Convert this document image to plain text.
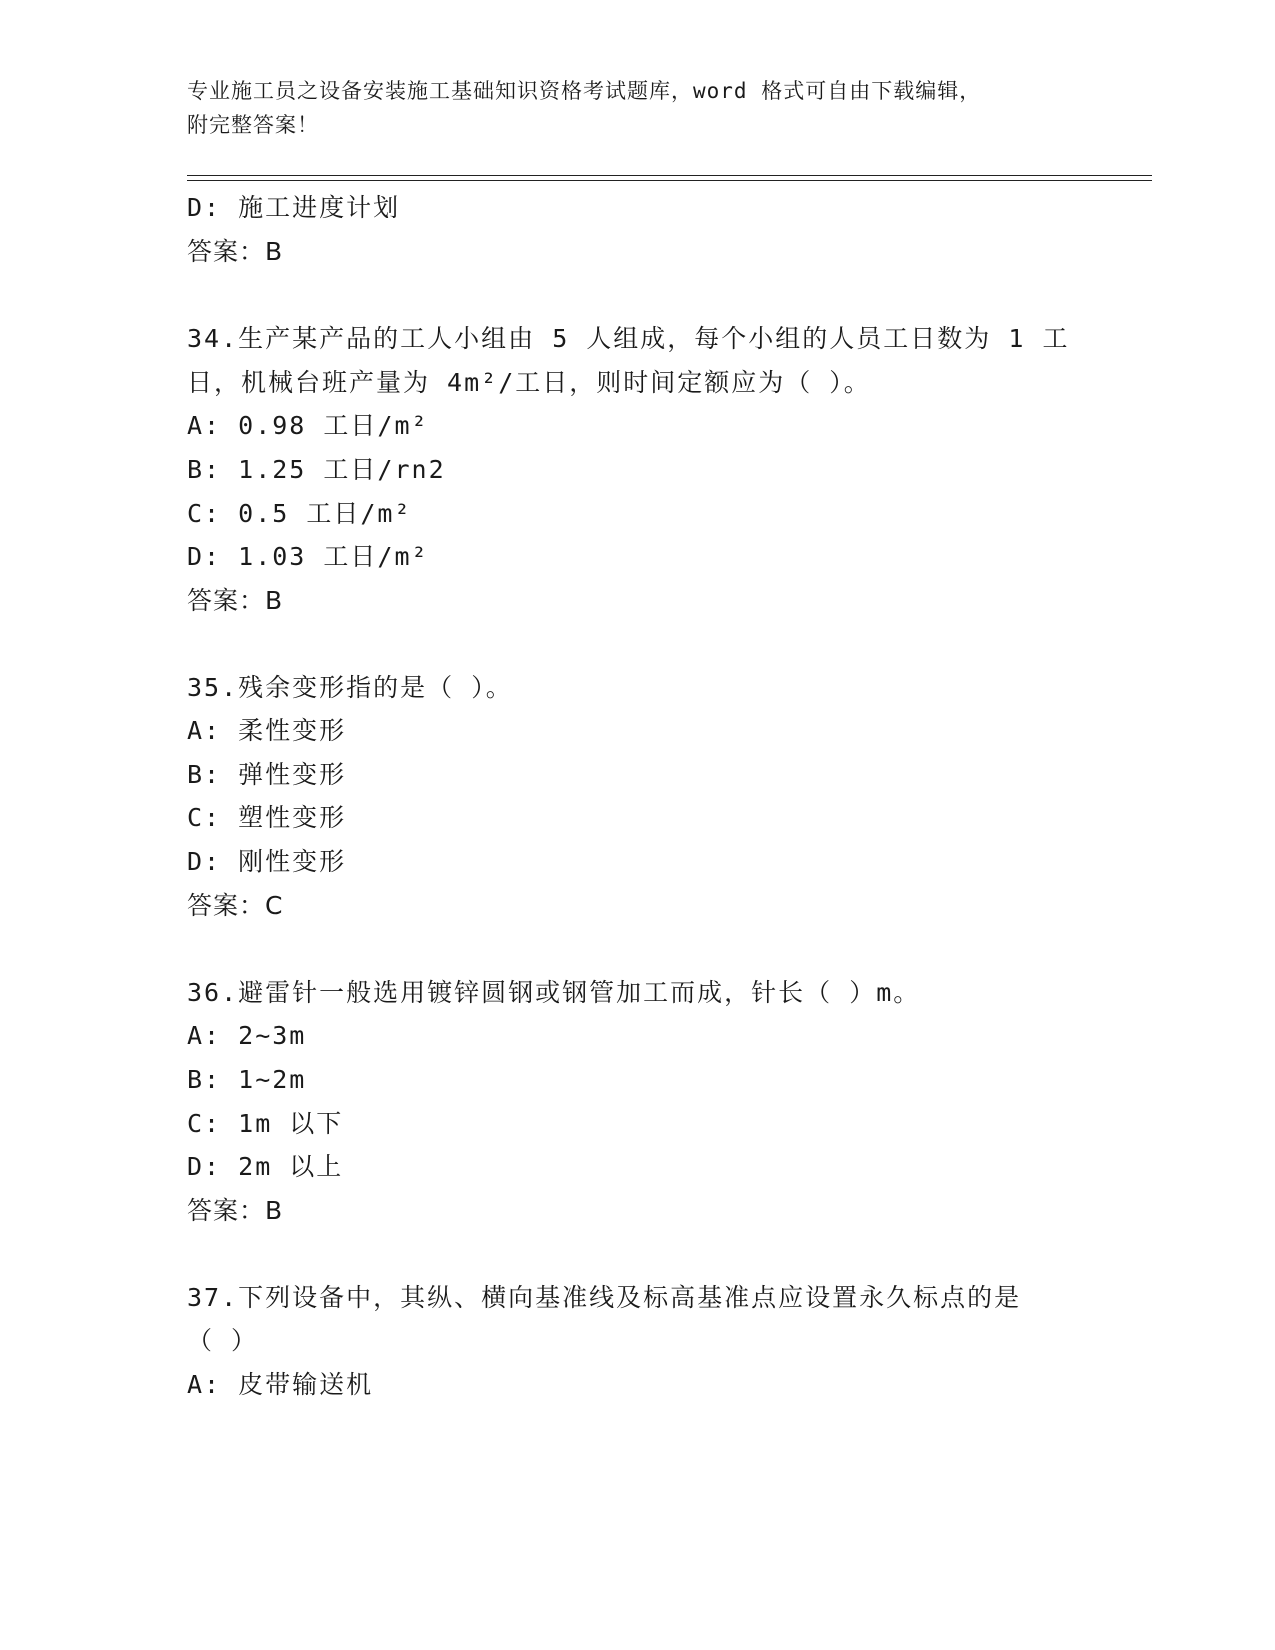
专业施工员之设备安装施工基础知识资格考试题库，word 格式可自由下载编辑，
附完整答案！
D: 施工进度计划
答案：B
34.生产某产品的工人小组由 5 人组成，每个小组的人员工日数为 1 工
日，机械台班产量为 4m²/工日，则时间定额应为（ ）。
A: 0.98 工日/m²
B: 1.25 工日/rn2
C: 0.5 工日/m²
D: 1.03 工日/m²
答案：B
35.残余变形指的是（ ）。
A: 柔性变形
B: 弹性变形
C: 塑性变形
D: 刚性变形
答案：C
36.避雷针一般选用镀锌圆钢或钢管加工而成，针长（ ）m。
A: 2~3m
B: 1~2m
C: 1m 以下
D: 2m 以上
答案：B
37.下列设备中，其纵、横向基准线及标高基准点应设置永久标点的是
（ ）
A: 皮带输送机
